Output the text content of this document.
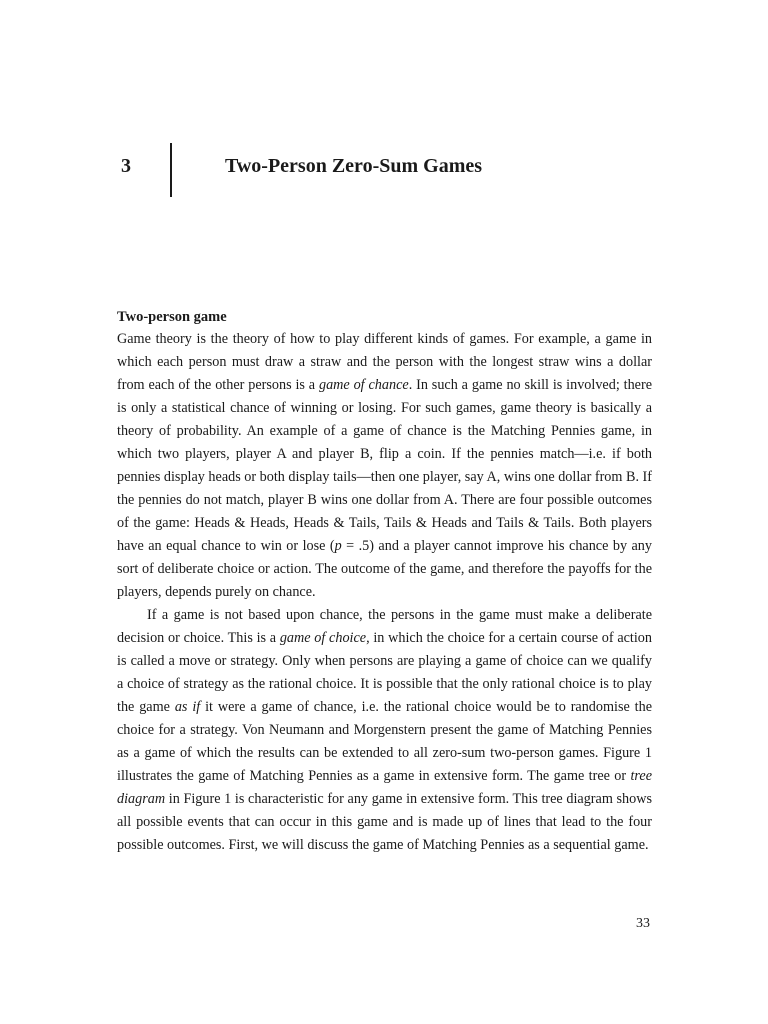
3	Two-Person Zero-Sum Games
Two-person game

Game theory is the theory of how to play different kinds of games. For example, a game in which each person must draw a straw and the person with the longest straw wins a dollar from each of the other persons is a game of chance. In such a game no skill is involved; there is only a statistical chance of winning or losing. For such games, game theory is basically a theory of probability. An example of a game of chance is the Matching Pennies game, in which two players, player A and player B, flip a coin. If the pennies match—i.e. if both pennies display heads or both display tails—then one player, say A, wins one dollar from B. If the pennies do not match, player B wins one dollar from A. There are four possible outcomes of the game: Heads & Heads, Heads & Tails, Tails & Heads and Tails & Tails. Both players have an equal chance to win or lose (p = .5) and a player cannot improve his chance by any sort of deliberate choice or action. The outcome of the game, and therefore the payoffs for the players, depends purely on chance.

If a game is not based upon chance, the persons in the game must make a deliberate decision or choice. This is a game of choice, in which the choice for a certain course of action is called a move or strategy. Only when persons are playing a game of choice can we qualify a choice of strategy as the rational choice. It is possible that the only rational choice is to play the game as if it were a game of chance, i.e. the rational choice would be to randomise the choice for a strategy. Von Neumann and Morgenstern present the game of Matching Pennies as a game of which the results can be extended to all zero-sum two-person games. Figure 1 illustrates the game of Matching Pennies as a game in extensive form. The game tree or tree diagram in Figure 1 is characteristic for any game in extensive form. This tree diagram shows all possible events that can occur in this game and is made up of lines that lead to the four possible outcomes. First, we will discuss the game of Matching Pennies as a sequential game.

33
